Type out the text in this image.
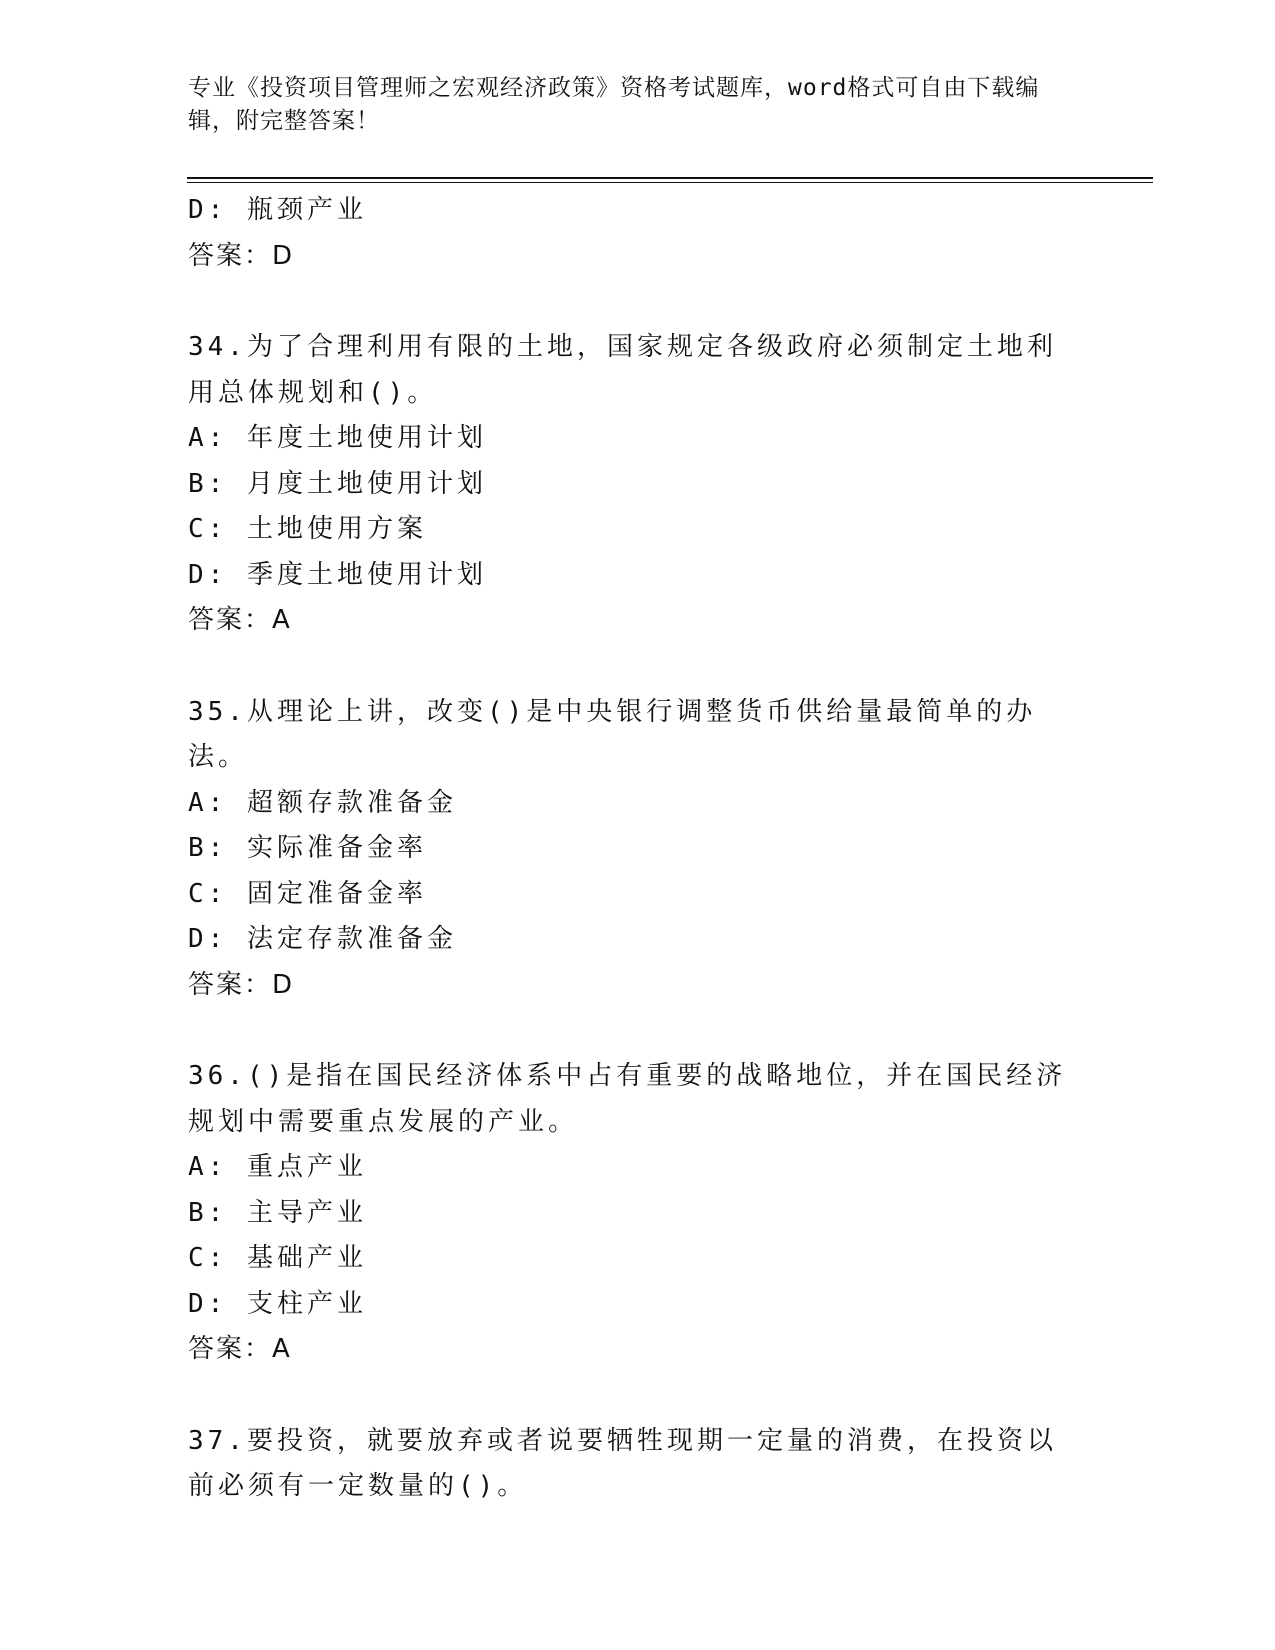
专业《投资项目管理师之宏观经济政策》资格考试题库，word格式可自由下载编辑，附完整答案！
D: 瓶颈产业
答案：D
34.为了合理利用有限的土地，国家规定各级政府必须制定土地利用总体规划和()。
A: 年度土地使用计划
B: 月度土地使用计划
C: 土地使用方案
D: 季度土地使用计划
答案：A
35.从理论上讲，改变()是中央银行调整货币供给量最简单的办法。
A: 超额存款准备金
B: 实际准备金率
C: 固定准备金率
D: 法定存款准备金
答案：D
36.()是指在国民经济体系中占有重要的战略地位，并在国民经济规划中需要重点发展的产业。
A: 重点产业
B: 主导产业
C: 基础产业
D: 支柱产业
答案：A
37.要投资，就要放弃或者说要牺牲现期一定量的消费，在投资以前必须有一定数量的()。
